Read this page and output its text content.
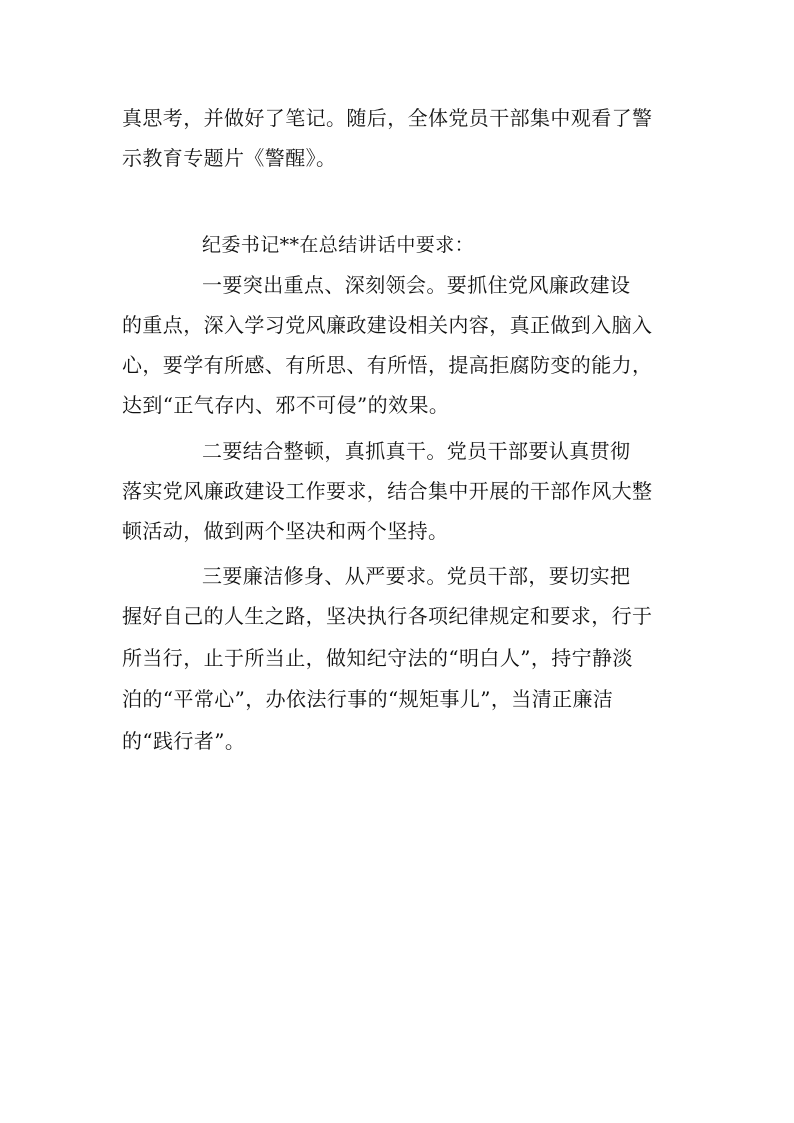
真思考，并做好了笔记。随后，全体党员干部集中观看了警
示教育专题片《警醒》。
纪委书记**在总结讲话中要求：
一要突出重点、深刻领会。要抓住党风廉政建设
的重点，深入学习党风廉政建设相关内容，真正做到入脑入
心，要学有所感、有所思、有所悟，提高拒腐防变的能力，
达到“正气存内、邪不可侵”的效果。
二要结合整顿，真抓真干。党员干部要认真贯彻
落实党风廉政建设工作要求，结合集中开展的干部作风大整
顿活动，做到两个坚决和两个坚持。
三要廉洁修身、从严要求。党员干部，要切实把
握好自己的人生之路，坚决执行各项纪律规定和要求，行于
所当行，止于所当止，做知纪守法的“明白人”，持宁静淡
泊的“平常心”，办依法行事的“规矩事儿”，当清正廉洁
的“践行者”。
